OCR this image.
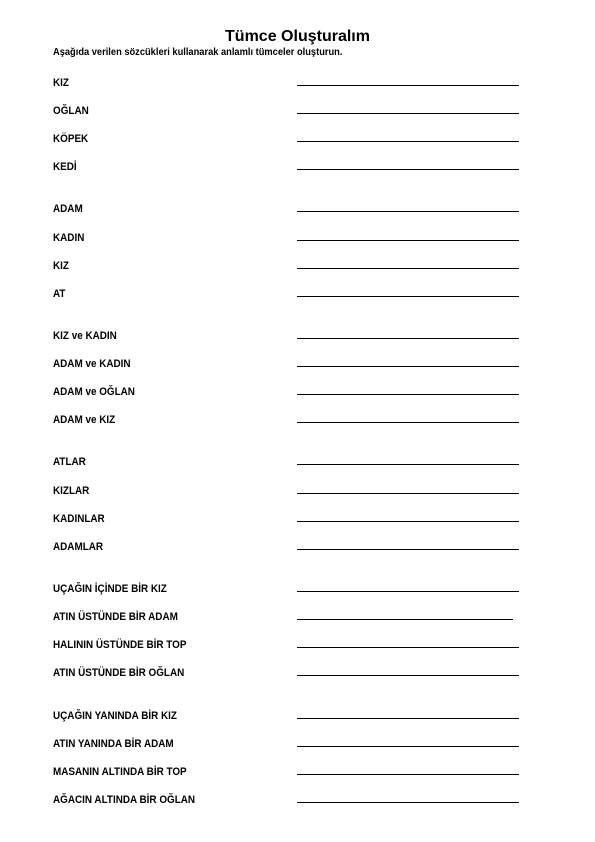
Tümce Oluşturalım
Aşağıda verilen sözcükleri kullanarak anlamlı tümceler oluşturun.
KIZ
OĞLAN
KÖPEK
KEDİ
ADAM
KADIN
KIZ
AT
KIZ ve KADIN
ADAM ve KADIN
ADAM ve OĞLAN
ADAM ve KIZ
ATLAR
KIZLAR
KADINLAR
ADAMLAR
UÇAĞIN İÇİNDE BİR KIZ
ATIN ÜSTÜNDE BİR ADAM
HALININ ÜSTÜNDE BİR TOP
ATIN ÜSTÜNDE BİR OĞLAN
UÇAĞIN YANINDA BİR KIZ
ATIN YANINDA BİR ADAM
MASANIN ALTINDA BİR TOP
AĞACIN ALTINDA BİR OĞLAN
